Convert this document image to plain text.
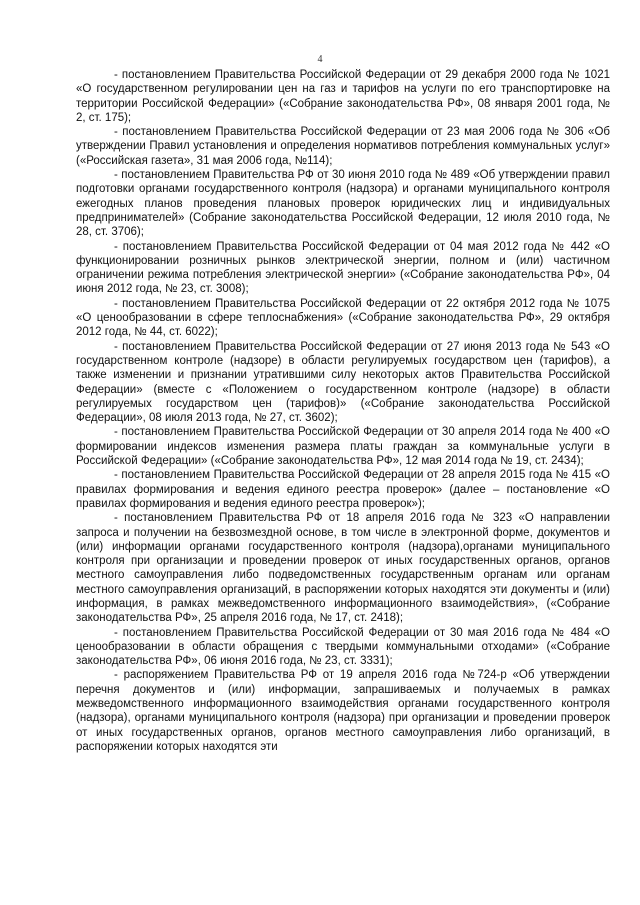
4

- постановлением Правительства Российской Федерации от 29 декабря 2000 года № 1021 «О государственном регулировании цен на газ и тарифов на услуги по его транспортировке на территории Российской Федерации» («Собрание законодательства РФ», 08 января 2001 года, № 2, ст. 175);

- постановлением Правительства Российской Федерации от 23 мая 2006 года № 306 «Об утверждении Правил установления и определения нормативов потребления коммунальных услуг» («Российская газета», 31 мая 2006 года, №114);

- постановлением Правительства РФ от 30 июня 2010 года № 489 «Об утверждении правил подготовки органами государственного контроля (надзора) и органами муниципального контроля ежегодных планов проведения плановых проверок юридических лиц и индивидуальных предпринимателей» (Собрание законодательства Российской Федерации, 12 июля 2010 года, № 28, ст. 3706);

- постановлением Правительства Российской Федерации от 04 мая 2012 года № 442 «О функционировании розничных рынков электрической энергии, полном и (или) частичном ограничении режима потребления электрической энергии» («Собрание законодательства РФ», 04 июня 2012 года, № 23, ст. 3008);

- постановлением Правительства Российской Федерации от 22 октября 2012 года № 1075 «О ценообразовании в сфере теплоснабжения» («Собрание законодательства РФ», 29 октября 2012 года, № 44, ст. 6022);

- постановлением Правительства Российской Федерации от 27 июня 2013 года № 543 «О государственном контроле (надзоре) в области регулируемых государством цен (тарифов), а также изменении и признании утратившими силу некоторых актов Правительства Российской Федерации» (вместе с «Положением о государственном контроле (надзоре) в области регулируемых государством цен (тарифов)» («Собрание законодательства Российской Федерации», 08 июля 2013 года, № 27, ст. 3602);

- постановлением Правительства Российской Федерации от 30 апреля 2014 года № 400 «О формировании индексов изменения размера платы граждан за коммунальные услуги в Российской Федерации» («Собрание законодательства РФ», 12 мая 2014 года № 19, ст. 2434);

- постановлением Правительства Российской Федерации от 28 апреля 2015 года № 415 «О правилах формирования и ведения единого реестра проверок» (далее – постановление «О правилах формирования и ведения единого реестра проверок»);

- постановлением Правительства РФ от 18 апреля 2016 года № 323 «О направлении запроса и получении на безвозмездной основе, в том числе в электронной форме, документов и (или) информации органами государственного контроля (надзора),органами муниципального контроля при организации и проведении проверок от иных государственных органов, органов местного самоуправления либо подведомственных государственным органам или органам местного самоуправления организаций, в распоряжении которых находятся эти документы и (или) информация, в рамках межведомственного информационного взаимодействия», («Собрание законодательства РФ», 25 апреля 2016 года, № 17, ст. 2418);

- постановлением Правительства Российской Федерации от 30 мая 2016 года № 484 «О ценообразовании в области обращения с твердыми коммунальными отходами» («Собрание законодательства РФ», 06 июня 2016 года, № 23, ст. 3331);

- распоряжением Правительства РФ от 19 апреля 2016 года №724-р «Об утверждении перечня документов и (или) информации, запрашиваемых и получаемых в рамках межведомственного информационного взаимодействия органами государственного контроля (надзора), органами муниципального контроля (надзора) при организации и проведении проверок от иных государственных органов, органов местного самоуправления либо организаций, в распоряжении которых находятся эти
